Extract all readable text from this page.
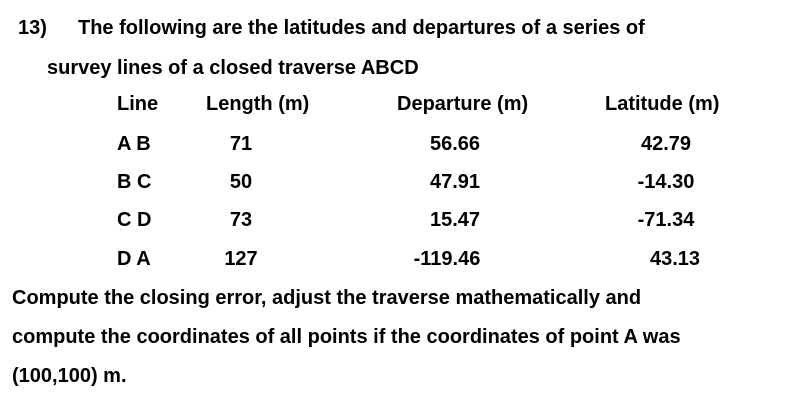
13) The following are the latitudes and departures of a series of
survey lines of a closed traverse ABCD
Line Length (m)	Departure (m)	Latitude (m)
A B	71	56.66	42.79
B C	50	47.91	-14.30
C D	73	15.47	-71.34
D A	127	-119.46	43.13
Compute the closing error, adjust the traverse mathematically and
compute the coordinates of all points if the coordinates of point A was
(100,100) m.
